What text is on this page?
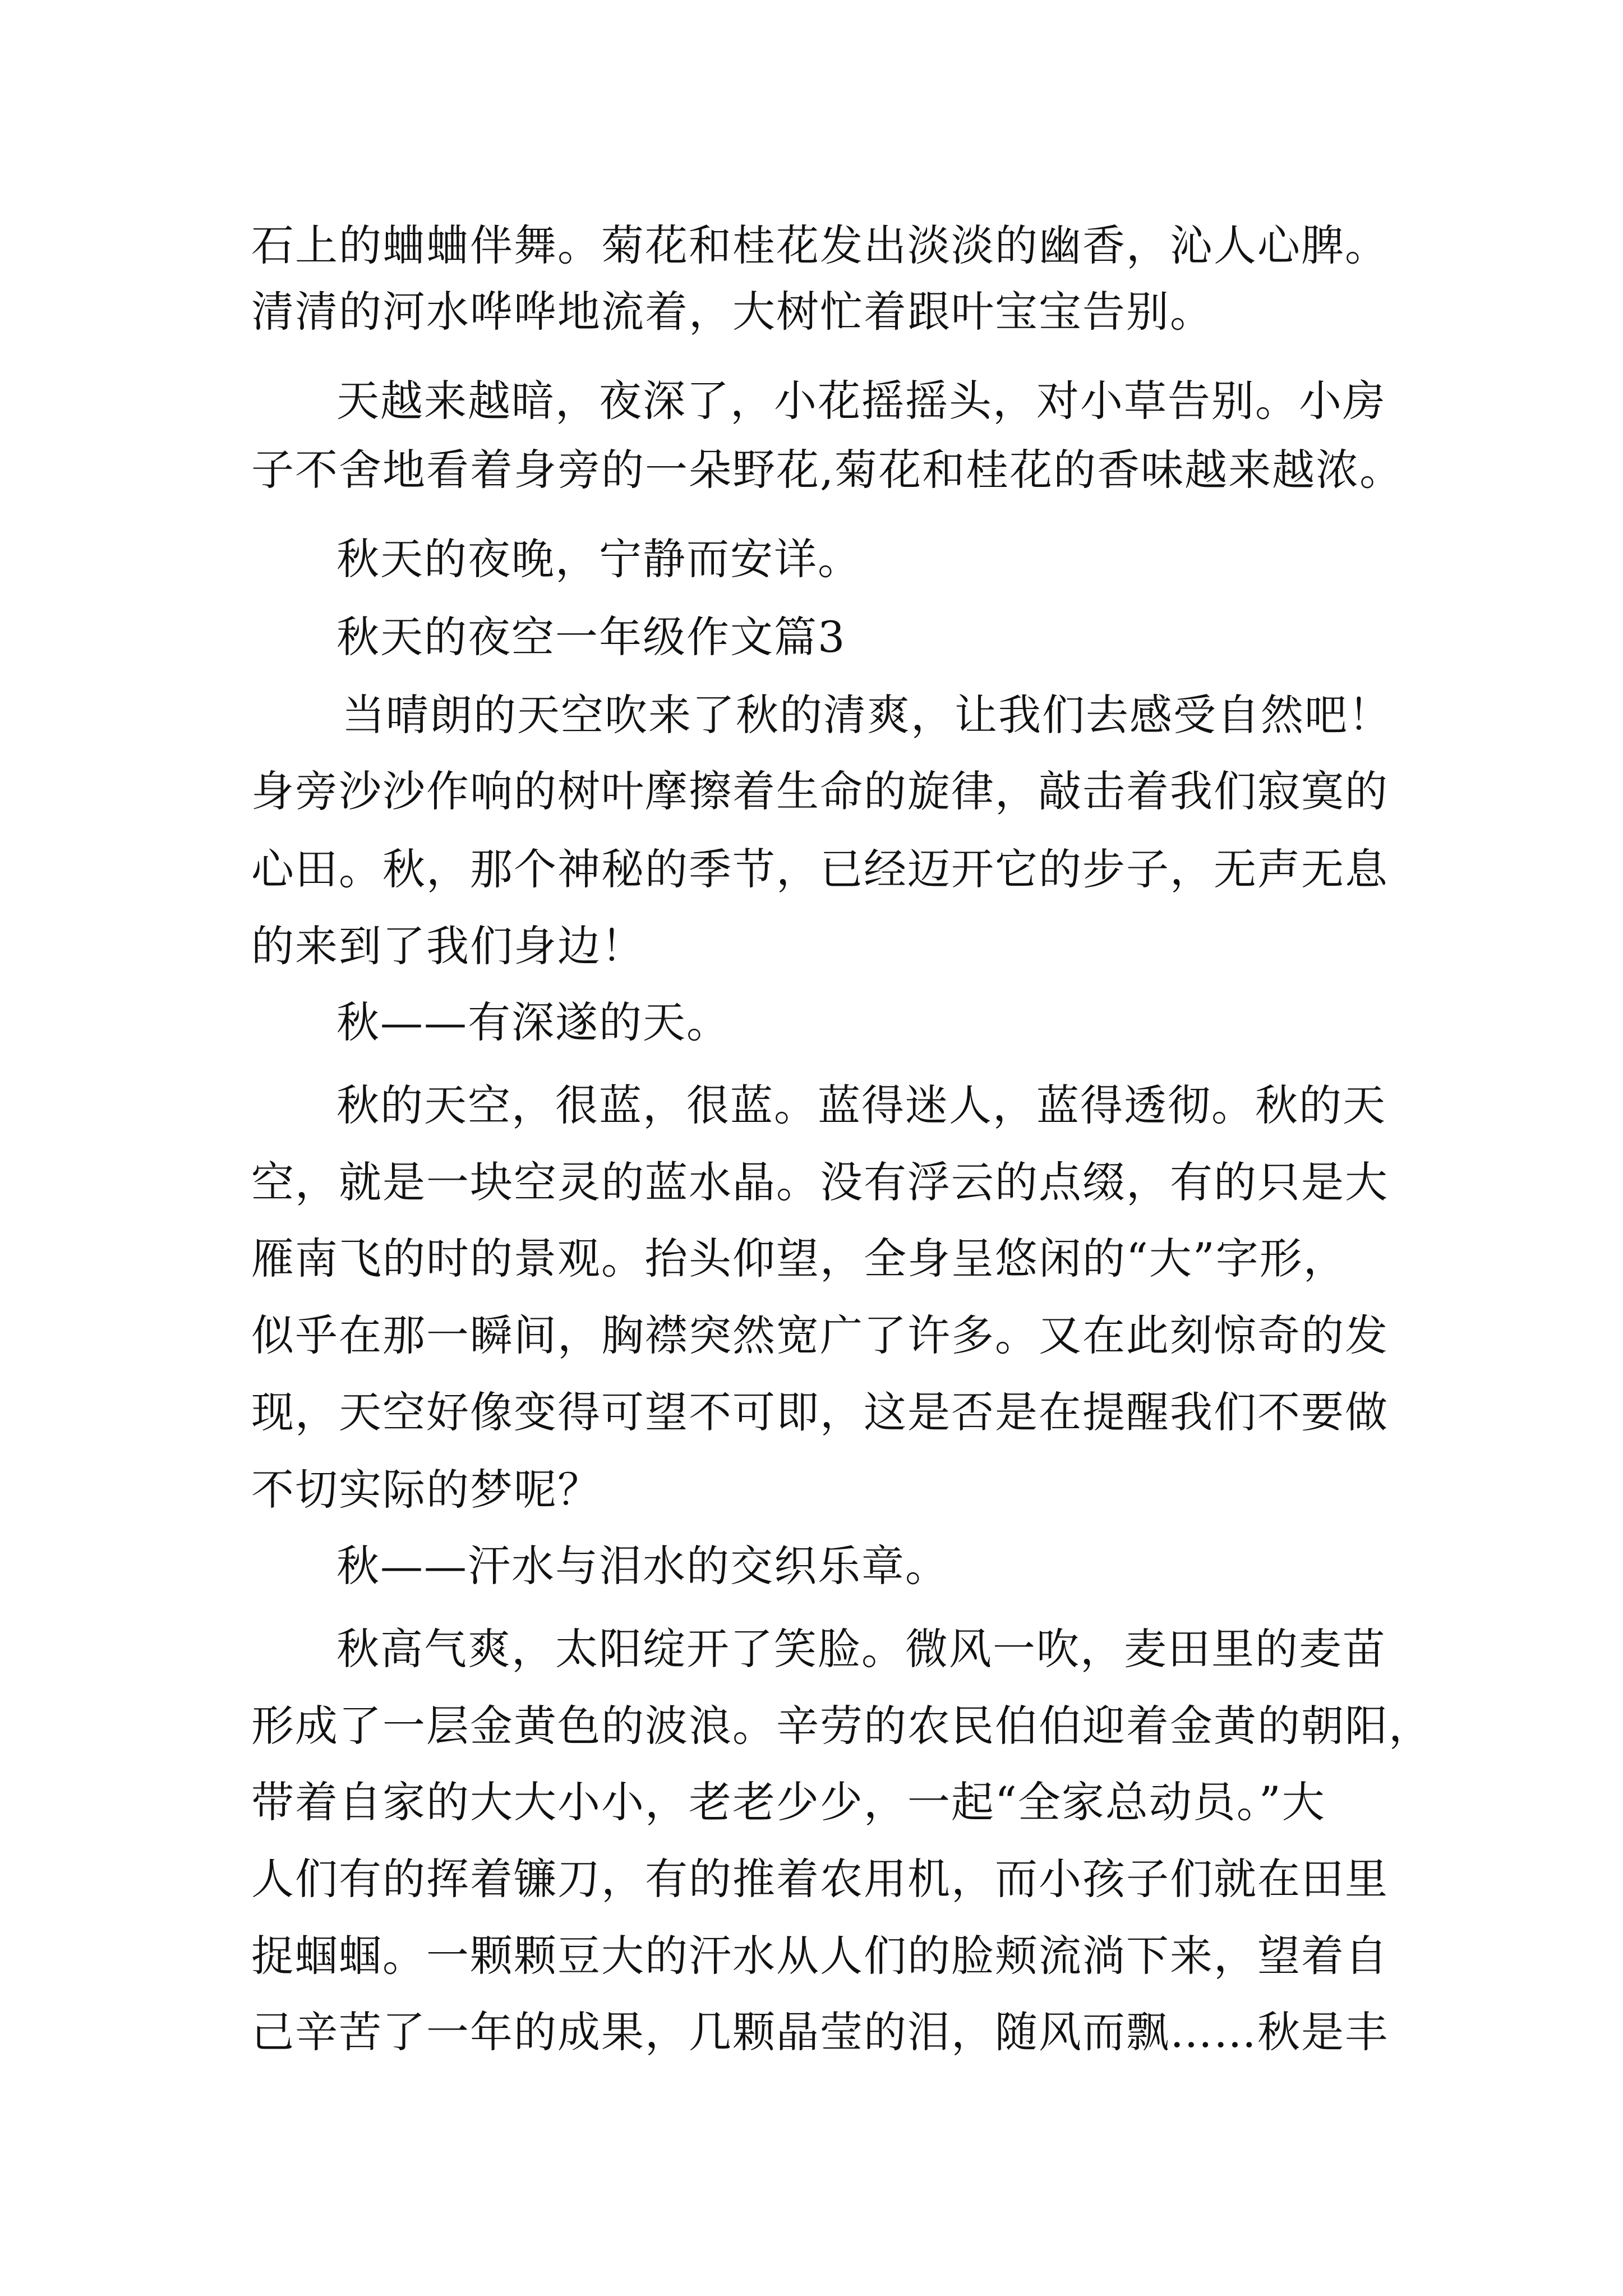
石上的蛐蛐伴舞。菊花和桂花发出淡淡的幽香，沁人心脾。
清清的河水哗哗地流着，大树忙着跟叶宝宝告别。
天越来越暗，夜深了，小花摇摇头，对小草告别。小房
子不舍地看着身旁的一朵野花,菊花和桂花的香味越来越浓。
秋天的夜晚，宁静而安详。
秋天的夜空一年级作文篇3
当晴朗的天空吹来了秋的清爽，让我们去感受自然吧！
身旁沙沙作响的树叶摩擦着生命的旋律，敲击着我们寂寞的
心田。秋，那个神秘的季节，已经迈开它的步子，无声无息
的来到了我们身边！
秋——有深遂的天。
秋的天空，很蓝，很蓝。蓝得迷人，蓝得透彻。秋的天
空，就是一块空灵的蓝水晶。没有浮云的点缀，有的只是大
雁南飞的时的景观。抬头仰望，全身呈悠闲的“大”字形，
似乎在那一瞬间，胸襟突然宽广了许多。又在此刻惊奇的发
现，天空好像变得可望不可即，这是否是在提醒我们不要做
不切实际的梦呢？
秋——汗水与泪水的交织乐章。
秋高气爽，太阳绽开了笑脸。微风一吹，麦田里的麦苗
形成了一层金黄色的波浪。辛劳的农民伯伯迎着金黄的朝阳，
带着自家的大大小小，老老少少，一起“全家总动员。”大
人们有的挥着镰刀，有的推着农用机，而小孩子们就在田里
捉蝈蝈。一颗颗豆大的汗水从人们的脸颊流淌下来，望着自
己辛苦了一年的成果，几颗晶莹的泪，随风而飘……秋是丰
